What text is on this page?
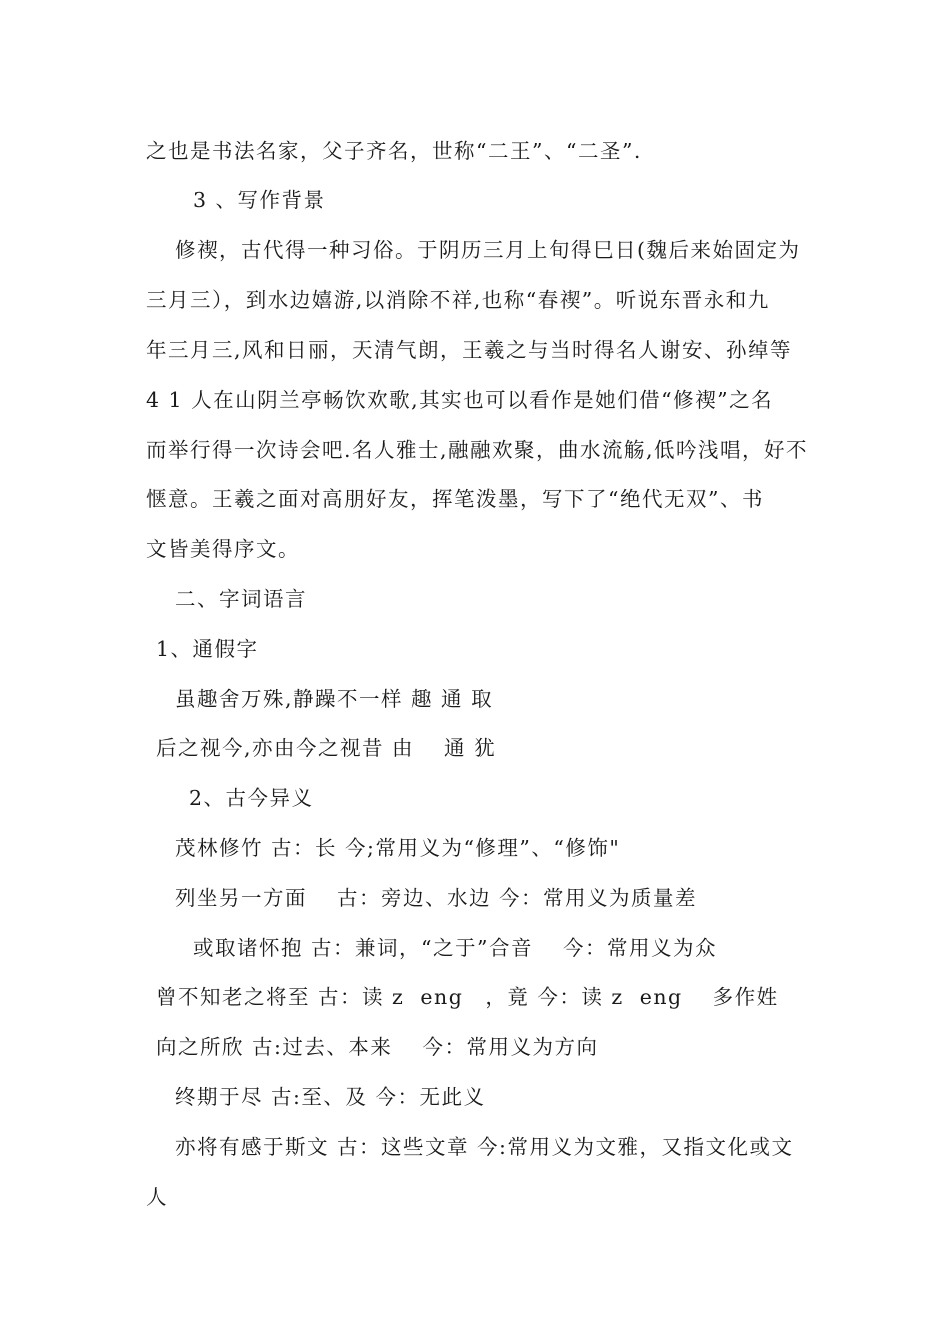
之也是书法名家，父子齐名，世称“二王”、“二圣”.
3 、写作背景
修禊，古代得一种习俗。于阴历三月上旬得巳日(魏后来始固定为
三月三），到水边嬉游,以消除不祥,也称“春禊”。听说东晋永和九
年三月三,风和日丽，天清气朗，王羲之与当时得名人谢安、孙绰等
4 1 人在山阴兰亭畅饮欢歌,其实也可以看作是她们借“修禊”之名
而举行得一次诗会吧.名人雅士,融融欢聚，曲水流觞,低吟浅唱，好不
惬意。王羲之面对高朋好友，挥笔泼墨，写下了“绝代无双”、书
文皆美得序文。
二、字词语言
1、通假字
虽趣舍万殊,静躁不一样 趣 通 取
后之视今,亦由今之视昔 由　 通 犹
2、古今异义
茂林修竹 古：长 今;常用义为“修理”、“修饰"
列坐另一方面　 古：旁边、水边 今：常用义为质量差
或取诸怀抱 古：兼词，“之于”合音　 今：常用义为众
曾不知老之将至 古：读 z  eng　，竟 今：读 z  eng　 多作姓
向之所欣 古:过去、本来　 今：常用义为方向
终期于尽 古:至、及 今：无此义
亦将有感于斯文 古：这些文章 今:常用义为文雅，又指文化或文
人
